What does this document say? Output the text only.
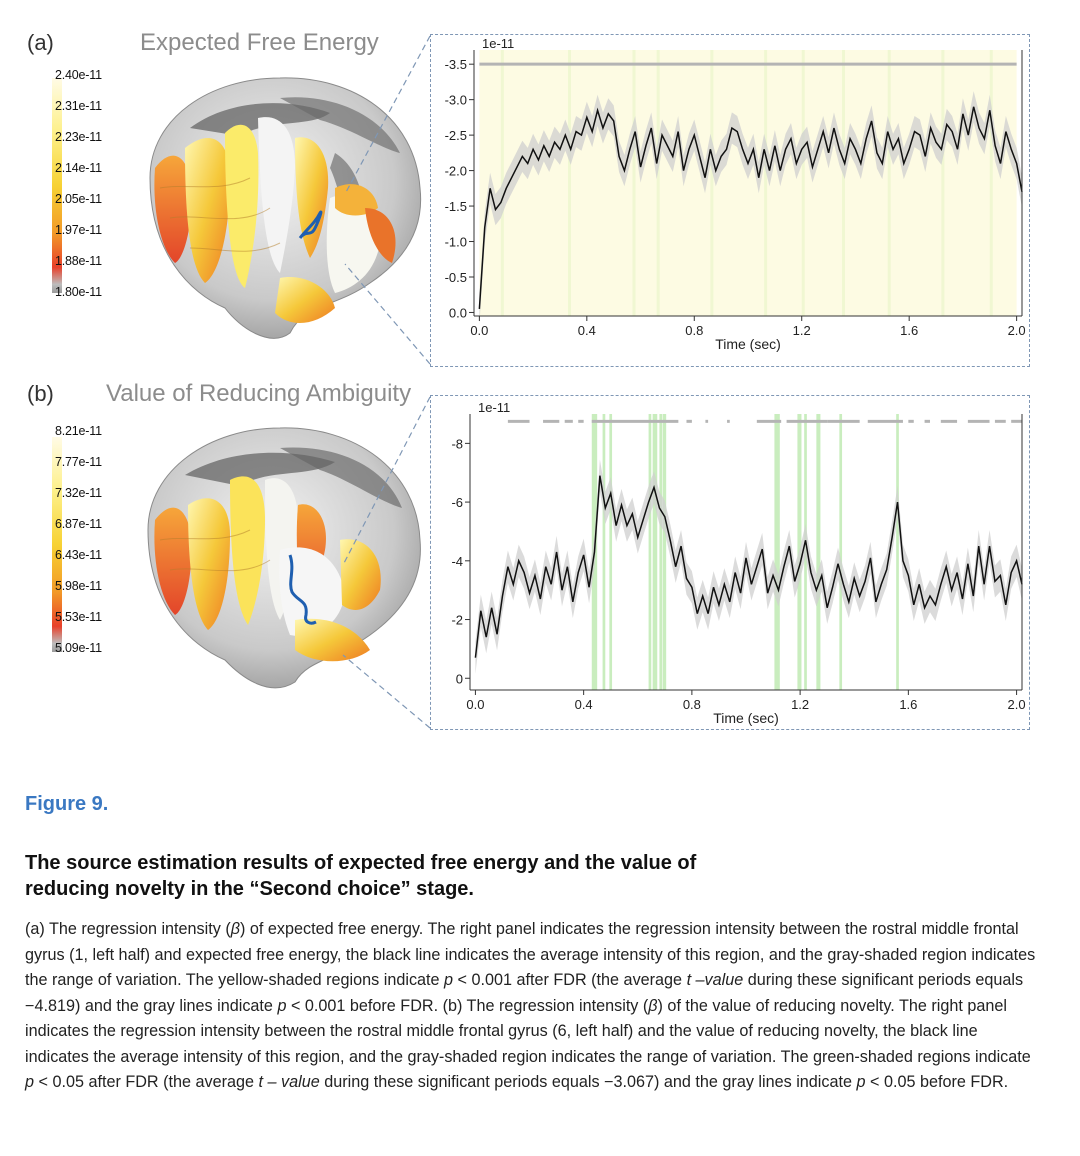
(a)	Expected Free Energy
2.40e-11
2.31e-11
2.23e-11
2.14e-11
2.05e-11
1.97e-11
1.88e-11
1.80e-11
-3.5
-3.0
-2.5
-2.0
-1.5
-1.0
-0.5
0.0
0.0	0.4	0.8	1.2	1.6	2.0
1e-11
Time (sec)
(b) Value of Reducing Ambiguity
8.21e-11
7.77e-11
7.32e-11
6.87e-11
6.43e-11
5.98e-11
5.53e-11
5.09e-11
-8
-6
-4
-2
0
0.0	0.4	0.8	1.2	1.6	2.0
1e-11
Time (sec)
Figure 9.
The source estimation results of expected free energy and the value of reducing novelty in the “Second choice” stage.
(a) The regression intensity (β) of expected free energy. The right panel indicates the regression intensity between the rostral middle frontal gyrus (1, left half) and expected free energy, the black line indicates the average intensity of this region, and the gray-shaded region indicates the range of variation. The yellow-shaded regions indicate p < 0.001 after FDR (the average t –value during these significant periods equals −4.819) and the gray lines indicate p < 0.001 before FDR. (b) The regression intensity (β) of the value of reducing novelty. The right panel indicates the regression intensity between the rostral middle frontal gyrus (6, left half) and the value of reducing novelty, the black line indicates the average intensity of this region, and the gray-shaded region indicates the range of variation. The green-shaded regions indicate p < 0.05 after FDR (the average t – value during these significant periods equals −3.067) and the gray lines indicate p < 0.05 before FDR.
